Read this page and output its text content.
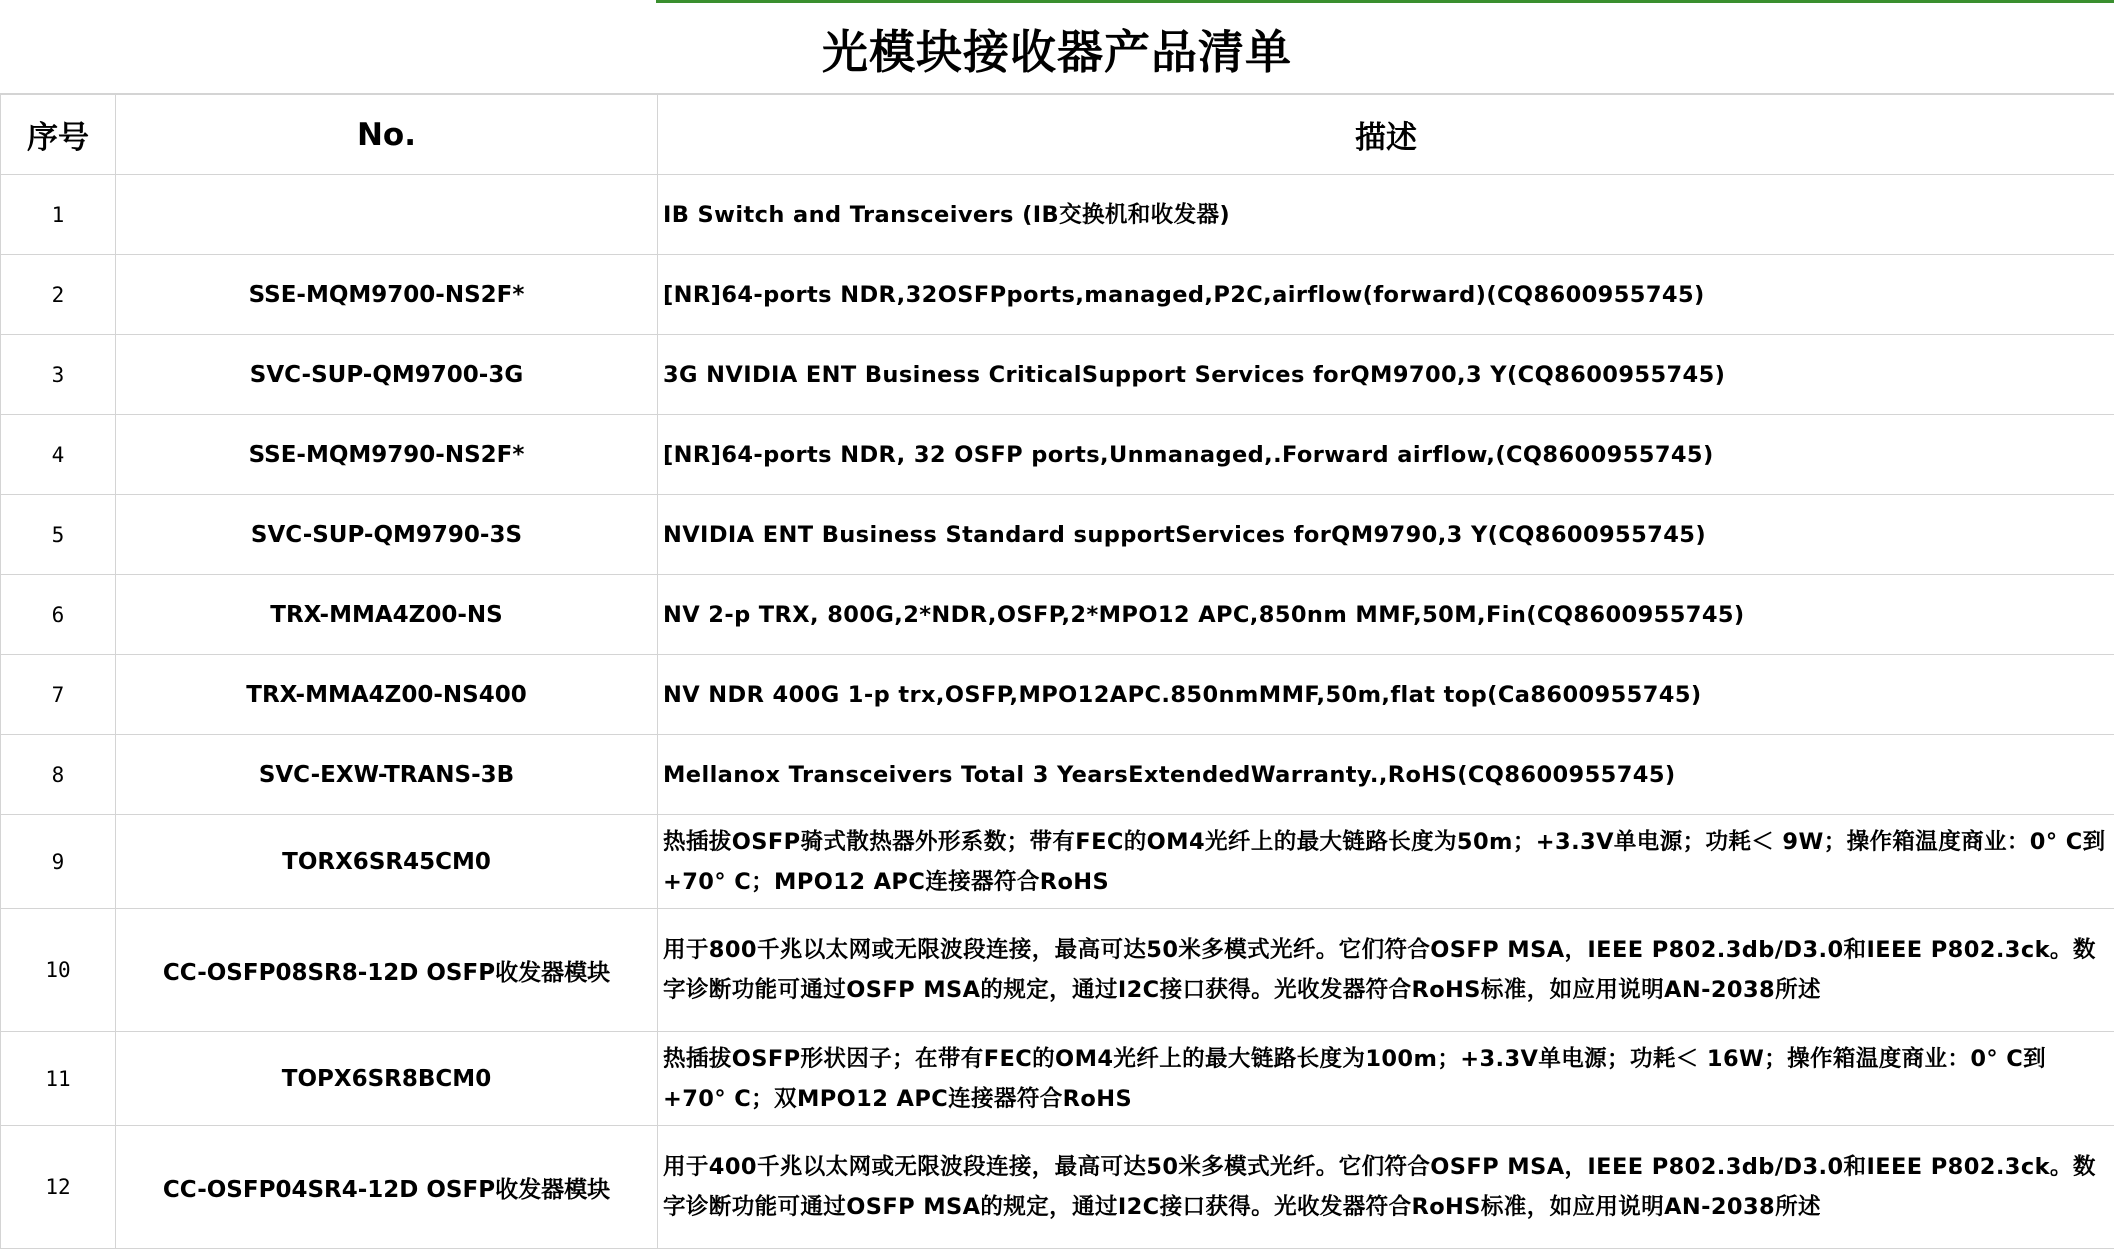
光模块接收器产品清单
序号	No.	描述
1		IB Switch and Transceivers (IB交换机和收发器)
2	SSE-MQM9700-NS2F*	[NR]64-ports NDR,32OSFPports,managed,P2C,airflow(forward)(CQ8600955745)
3	SVC-SUP-QM9700-3G	3G NVIDIA ENT Business CriticalSupport Services forQM9700,3 Y(CQ8600955745)
4	SSE-MQM9790-NS2F*	[NR]64-ports NDR, 32 OSFP ports,Unmanaged,.Forward airflow,(CQ8600955745)
5	SVC-SUP-QM9790-3S	NVIDIA ENT Business Standard supportServices forQM9790,3 Y(CQ8600955745)
6	TRX-MMA4Z00-NS	NV 2-p TRX, 800G,2*NDR,OSFP,2*MPO12 APC,850nm MMF,50M,Fin(CQ8600955745)
7	TRX-MMA4Z00-NS400	NV NDR 400G 1-p trx,OSFP,MPO12APC.850nmMMF,50m,flat top(Ca8600955745)
8	SVC-EXW-TRANS-3B	Mellanox Transceivers Total 3 YearsExtendedWarranty.,RoHS(CQ8600955745)
9	TORX6SR45CM0	热插拔OSFP骑式散热器外形系数；带有FEC的OM4光纤上的最大链路长度为50m；+3.3V单电源；功耗＜ 9W；操作箱温度商业：0° C到+70° C；MPO12 APC连接器符合RoHS
10	CC-OSFP08SR8-12D OSFP收发器模块	用于800千兆以太网或无限波段连接，最高可达50米多模式光纤。它们符合OSFP MSA，IEEE P802.3db/D3.0和IEEE P802.3ck。数字诊断功能可通过OSFP MSA的规定，通过I2C接口获得。光收发器符合RoHS标准，如应用说明AN-2038所述
11	TOPX6SR8BCM0	热插拔OSFP形状因子；在带有FEC的OM4光纤上的最大链路长度为100m；+3.3V单电源；功耗＜ 16W；操作箱温度商业：0° C到+70° C；双MPO12 APC连接器符合RoHS
12	CC-OSFP04SR4-12D OSFP收发器模块	用于400千兆以太网或无限波段连接，最高可达50米多模式光纤。它们符合OSFP MSA，IEEE P802.3db/D3.0和IEEE P802.3ck。数字诊断功能可通过OSFP MSA的规定，通过I2C接口获得。光收发器符合RoHS标准，如应用说明AN-2038所述
